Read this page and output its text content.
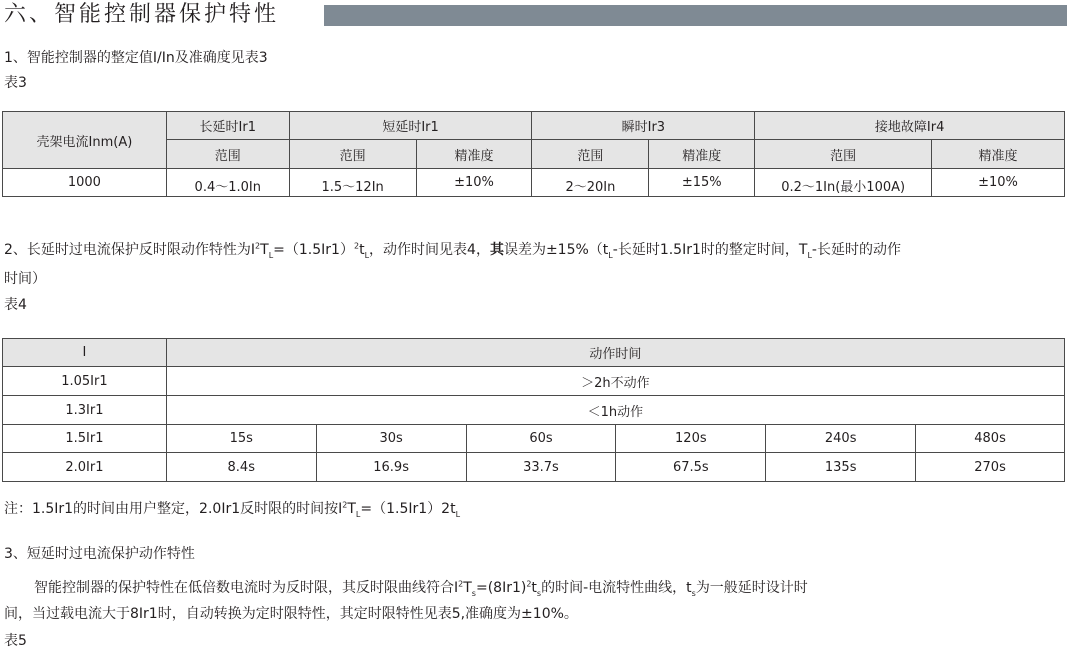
六、智能控制器保护特性
1、智能控制器的整定值I/In及准确度见表3
表3
壳架电流Inm(A)	长延时Ir1	短延时Ir1		瞬时Ir3		接地故障Ir4	
	范围	范围	精准度	范围	精准度	范围	精准度
1000	0.4～1.0In	1.5～12In	±10%	2～20In	±15%	0.2～1In(最小100A)	±10%
2、长延时过电流保护反时限动作特性为$I^2T_L=(1.5Ir1)^2t_L$，动作时间见表4，其误差为$\pm 15\%(t_L-$长延时1.5Ir1时的整定时间，$T_L-$长延时的动作
时间）
表4
I	动作时间					
1.05Ir1	＞2h不动作					
1.3Ir1	＜1h动作					
1.5Ir1	15s	30s	60s	120s	240s	480s
2.0Ir1	8.4s	16.9s	33.7s	67.5s	135s	270s
注：1.5Ir1的时间由用户整定，2.0Ir1反时限的时间按$I^2T_L=(1.5Ir1)2t_L$
3、短延时过电流保护动作特性
智能控制器的保护特性在低倍数电流时为反时限，其反时限曲线符合$I^2T_s=(8Ir1)^2t_s$的时间-电流特性曲线，$t_s$为一般延时设计时
间，当过载电流大于8Ir1时，自动转换为定时限特性，其定时限特性见表5,准确度为±10%。
表5
